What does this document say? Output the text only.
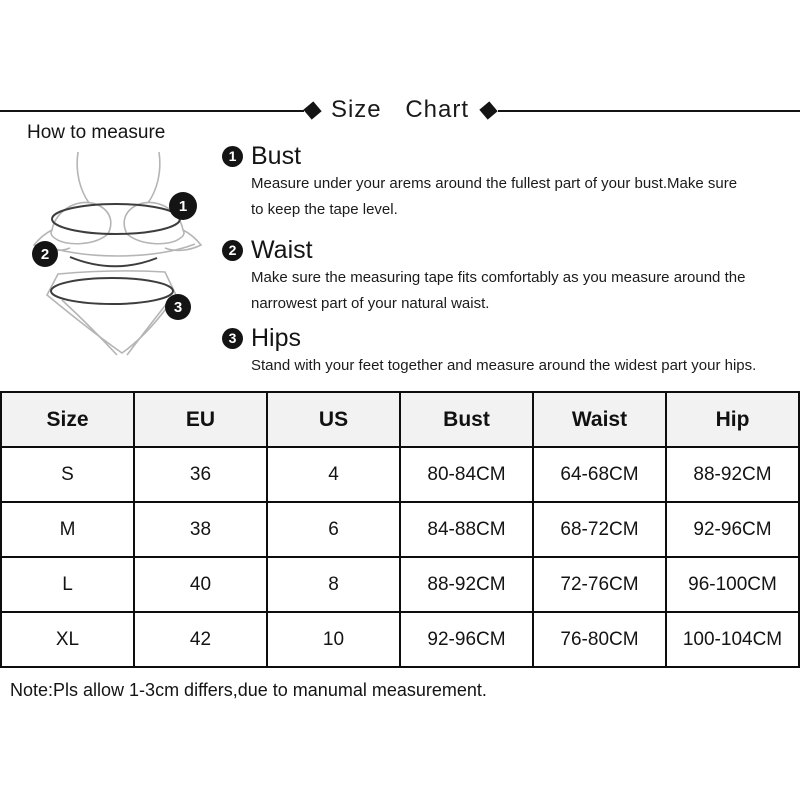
Size Chart
How to measure
1
2
3
1 Bust
Measure under your arems around the fullest part of your bust.Make sure
to keep the tape level.
2 Waist
Make sure the measuring tape fits comfortably as you measure around the
narrowest part of your natural waist.
3 Hips
Stand with your feet together and measure around the widest part your hips.
Size	EU	US	Bust	Waist	Hip
S	36	4	80-84CM	64-68CM	88-92CM
M	38	6	84-88CM	68-72CM	92-96CM
L	40	8	88-92CM	72-76CM	96-100CM
XL	42	10	92-96CM	76-80CM	100-104CM
Note:Pls allow 1-3cm differs,due to manumal measurement.
